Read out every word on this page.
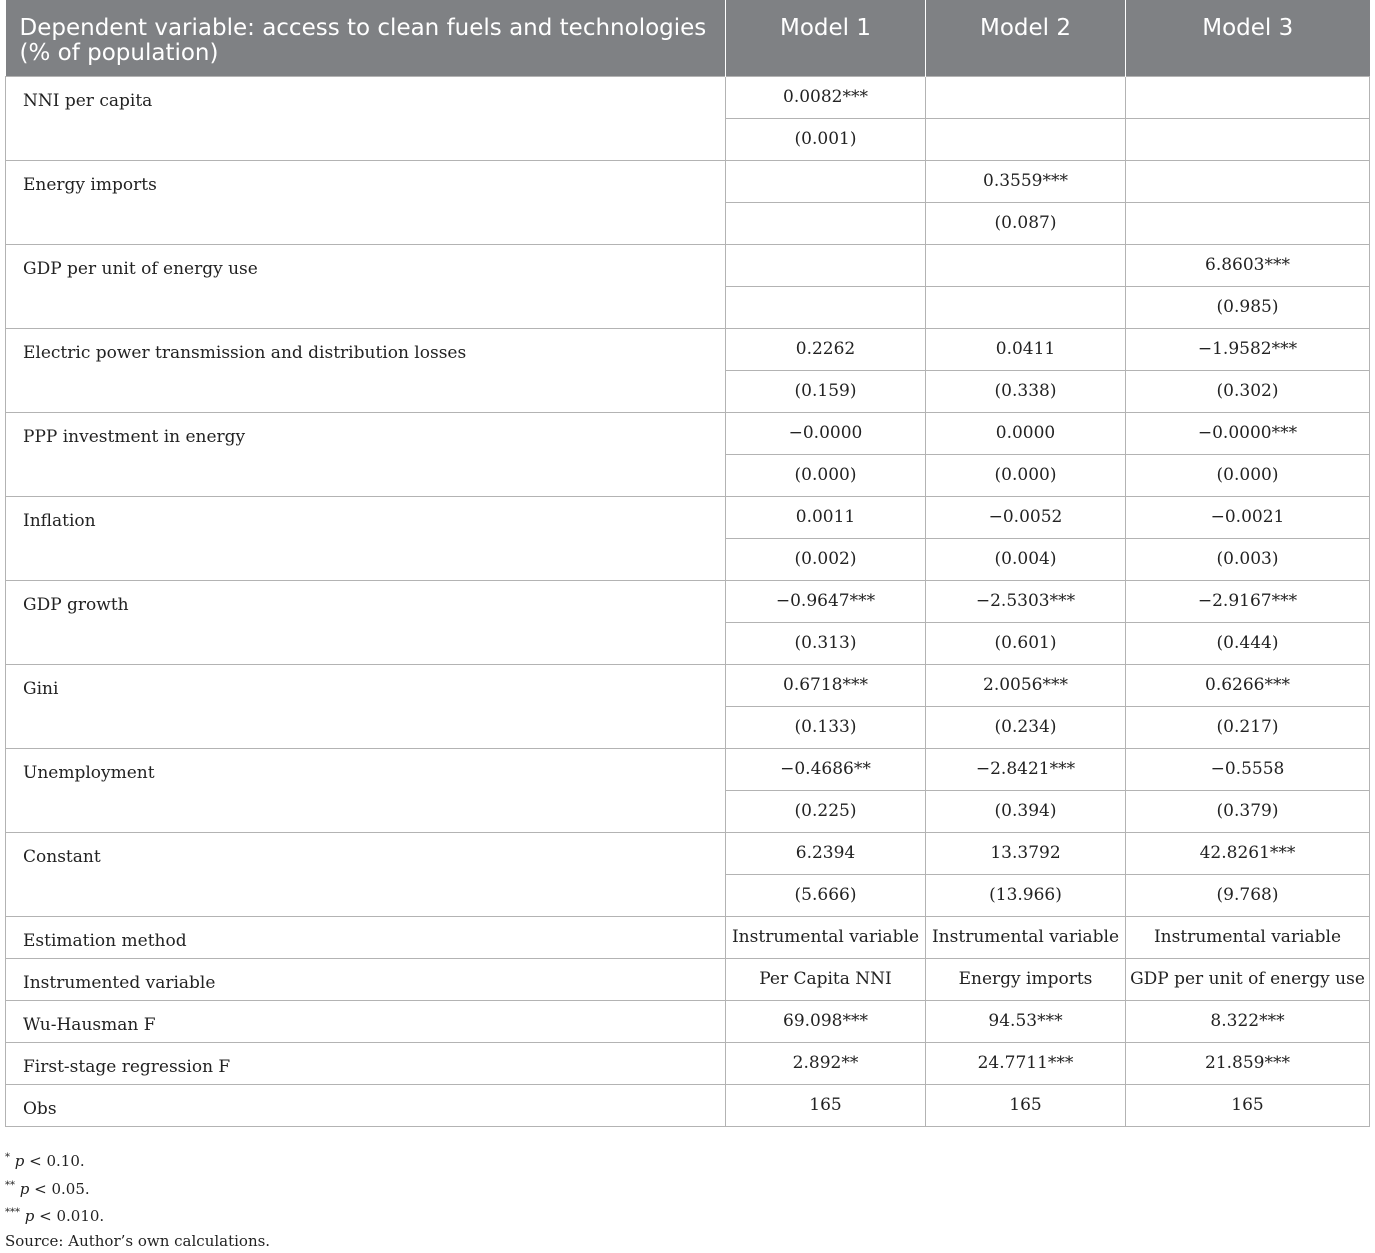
Dependent variable: access to clean fuels and technologies (% of population)	Model 1	Model 2	Model 3
NNI per capita	0.0082***		
	(0.001)		
Energy imports		0.3559***	
		(0.087)	
GDP per unit of energy use			6.8603***
			(0.985)
Electric power transmission and distribution losses	0.2262	0.0411	−1.9582***
	(0.159)	(0.338)	(0.302)
PPP investment in energy	−0.0000	0.0000	−0.0000***
	(0.000)	(0.000)	(0.000)
Inflation	0.0011	−0.0052	−0.0021
	(0.002)	(0.004)	(0.003)
GDP growth	−0.9647***	−2.5303***	−2.9167***
	(0.313)	(0.601)	(0.444)
Gini	0.6718***	2.0056***	0.6266***
	(0.133)	(0.234)	(0.217)
Unemployment	−0.4686**	−2.8421***	−0.5558
	(0.225)	(0.394)	(0.379)
Constant	6.2394	13.3792	42.8261***
	(5.666)	(13.966)	(9.768)
Estimation method	Instrumental variable	Instrumental variable	Instrumental variable
Instrumented variable	Per Capita NNI	Energy imports	GDP per unit of energy use
Wu-Hausman F	69.098***	94.53***	8.322***
First-stage regression F	2.892**	24.7711***	21.859***
Obs	165	165	165
* p < 0.10.
** p < 0.05.
*** p < 0.010.
Source: Author’s own calculations.
